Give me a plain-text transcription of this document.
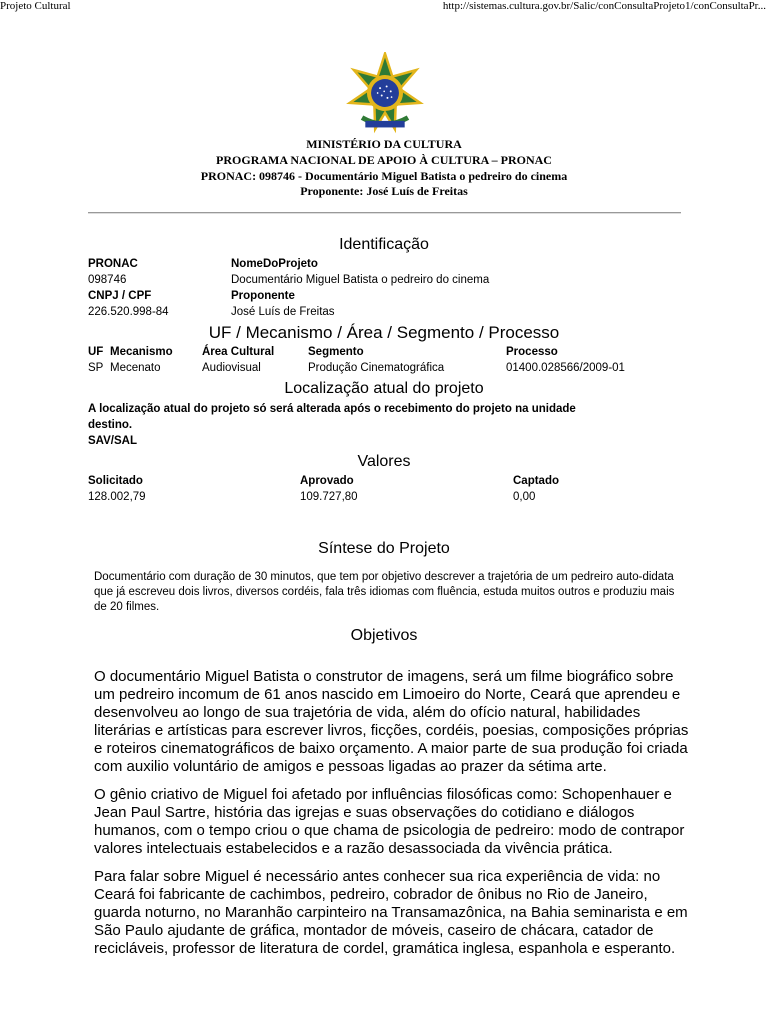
Projeto Cultural	http://sistemas.cultura.gov.br/Salic/conConsultaProjeto1/conConsultaPr...
MINISTÉRIO DA CULTURA
PROGRAMA NACIONAL DE APOIO À CULTURA – PRONAC
PRONAC: 098746 - Documentário Miguel Batista o pedreiro do cinema
Proponente: José Luís de Freitas
Identificação
PRONAC	NomeDoProjeto
098746	Documentário Miguel Batista o pedreiro do cinema
CNPJ / CPF	Proponente
226.520.998-84	José Luís de Freitas
UF / Mecanismo / Área / Segmento / Processo
UF Mecanismo	Área Cultural	Segmento	Processo
SP Mecenato	Audiovisual	Produção Cinematográfica	01400.028566/2009-01
Localização atual do projeto
A localização atual do projeto só será alterada após o recebimento do projeto na unidade
destino.
SAV/SAL
Valores
Solicitado	Aprovado	Captado
128.002,79	109.727,80	0,00
Síntese do Projeto
Documentário com duração de 30 minutos, que tem por objetivo descrever a trajetória de um pedreiro auto-didata que já escreveu dois livros, diversos cordéis, fala três idiomas com fluência, estuda muitos outros e produziu mais de 20 filmes.
Objetivos

O documentário Miguel Batista o construtor de imagens, será um filme biográfico sobre um pedreiro incomum de 61 anos nascido em Limoeiro do Norte, Ceará que aprendeu e desenvolveu ao longo de sua trajetória de vida, além do ofício natural, habilidades literárias e artísticas para escrever livros, ficções, cordéis, poesias, composições próprias e roteiros cinematográficos de baixo orçamento. A maior parte de sua produção foi criada com auxilio voluntário de amigos e pessoas ligadas ao prazer da sétima arte.

O gênio criativo de Miguel foi afetado por influências filosóficas como: Schopenhauer e Jean Paul Sartre, história das igrejas e suas observações do cotidiano e diálogos humanos, com o tempo criou o que chama de psicologia de pedreiro: modo de contrapor valores intelectuais estabelecidos e a razão desassociada da vivência prática.

Para falar sobre Miguel é necessário antes conhecer sua rica experiência de vida: no Ceará foi fabricante de cachimbos, pedreiro, cobrador de ônibus no Rio de Janeiro, guarda noturno, no Maranhão carpinteiro na Transamazônica, na Bahia seminarista e em São Paulo ajudante de gráfica, montador de móveis, caseiro de chácara, catador de recicláveis, professor de literatura de cordel, gramática inglesa, espanhola e esperanto.
